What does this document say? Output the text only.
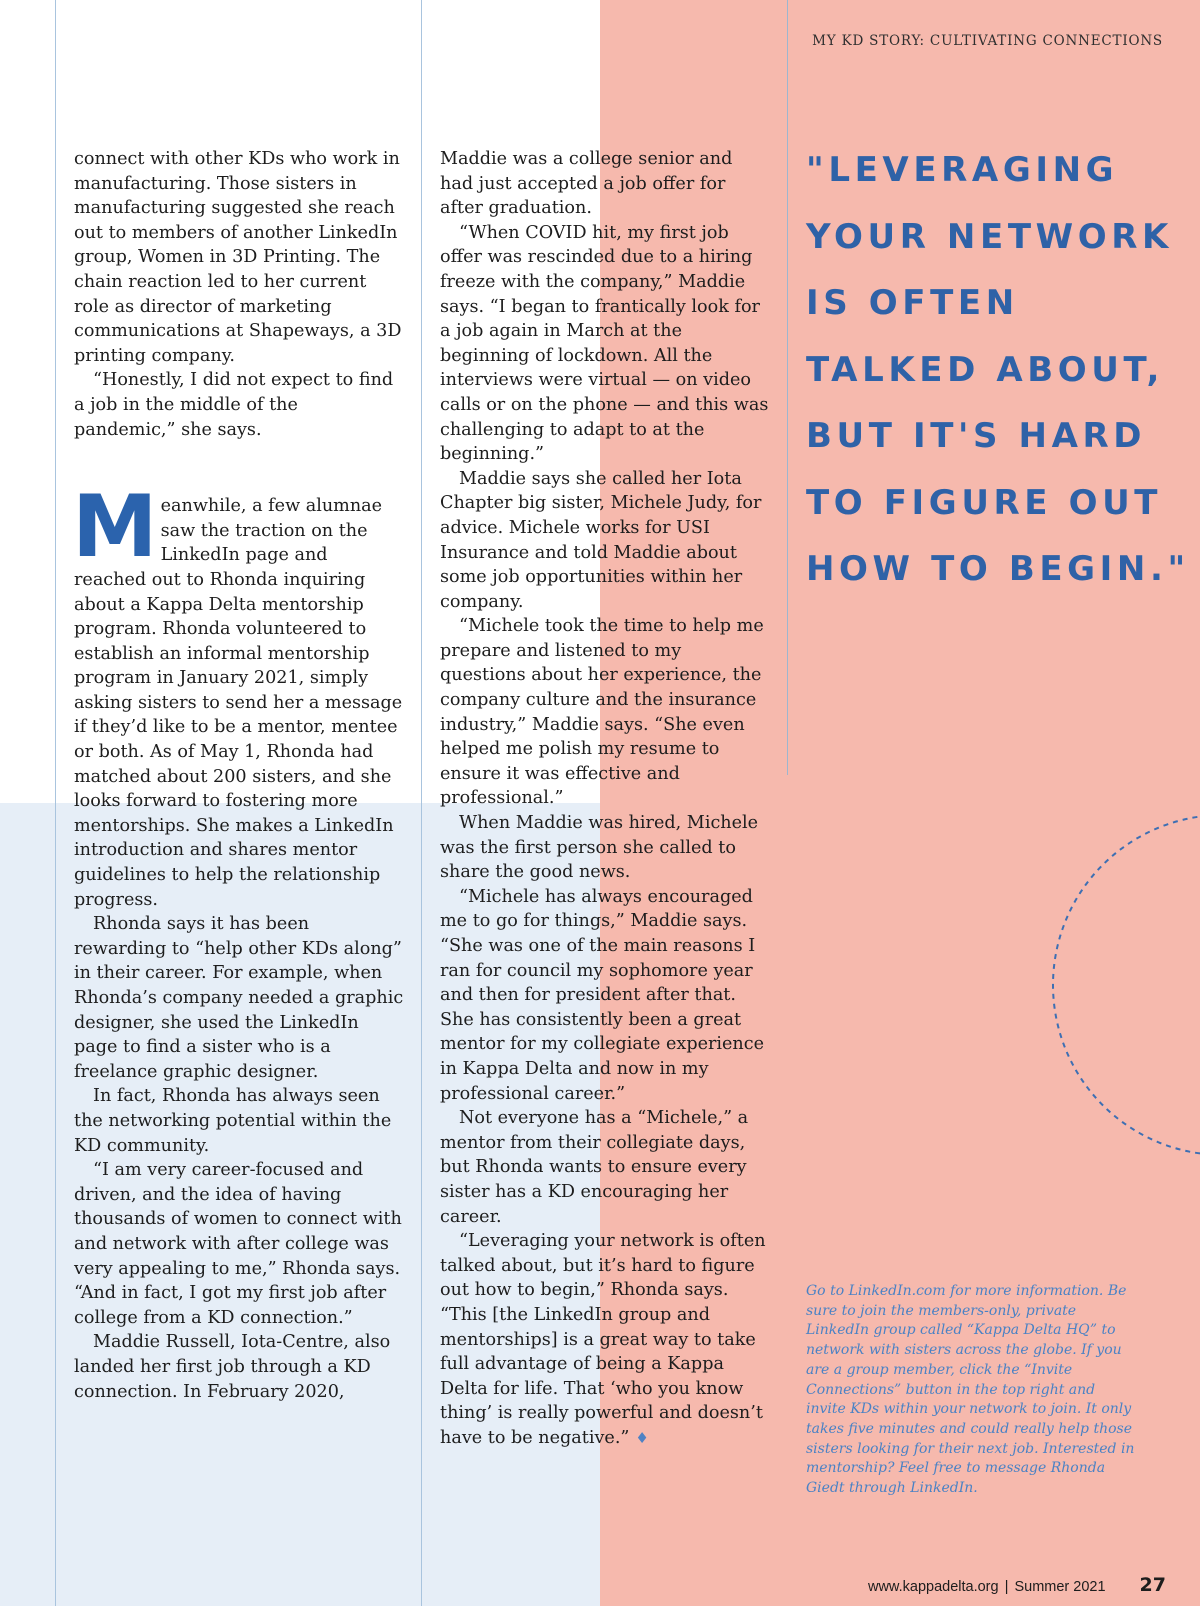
MY KD STORY: CULTIVATING CONNECTIONS

connect with other KDs who work in manufacturing. Those sisters in manufacturing suggested she reach out to members of another LinkedIn group, Women in 3D Printing. The chain reaction led to her current role as director of marketing communications at Shapeways, a 3D printing company.

“Honestly, I did not expect to find a job in the middle of the pandemic,” she says.

Meanwhile, a few alumnae saw the traction on the LinkedIn page and reached out to Rhonda inquiring about a Kappa Delta mentorship program. Rhonda volunteered to establish an informal mentorship program in January 2021, simply asking sisters to send her a message if they’d like to be a mentor, mentee or both. As of May 1, Rhonda had matched about 200 sisters, and she looks forward to fostering more mentorships. She makes a LinkedIn introduction and shares mentor guidelines to help the relationship progress.

Rhonda says it has been rewarding to “help other KDs along” in their career. For example, when Rhonda’s company needed a graphic designer, she used the LinkedIn page to find a sister who is a freelance graphic designer.

In fact, Rhonda has always seen the networking potential within the KD community.

“I am very career-focused and driven, and the idea of having thousands of women to connect with and network with after college was very appealing to me,” Rhonda says. “And in fact, I got my first job after college from a KD connection.”

Maddie Russell, Iota-Centre, also landed her first job through a KD connection. In February 2020,

Maddie was a college senior and had just accepted a job offer for after graduation.

“When COVID hit, my first job offer was rescinded due to a hiring freeze with the company,” Maddie says. “I began to frantically look for a job again in March at the beginning of lockdown. All the interviews were virtual — on video calls or on the phone — and this was challenging to adapt to at the beginning.”

Maddie says she called her Iota Chapter big sister, Michele Judy, for advice. Michele works for USI Insurance and told Maddie about some job opportunities within her company.

“Michele took the time to help me prepare and listened to my questions about her experience, the company culture and the insurance industry,” Maddie says. “She even helped me polish my resume to ensure it was effective and professional.”

When Maddie was hired, Michele was the first person she called to share the good news.

“Michele has always encouraged me to go for things,” Maddie says. “She was one of the main reasons I ran for council my sophomore year and then for president after that. She has consistently been a great mentor for my collegiate experience in Kappa Delta and now in my professional career.”

Not everyone has a “Michele,” a mentor from their collegiate days, but Rhonda wants to ensure every sister has a KD encouraging her career.

“Leveraging your network is often talked about, but it’s hard to figure out how to begin,” Rhonda says. “This [the LinkedIn group and mentorships] is a great way to take full advantage of being a Kappa Delta for life. That ‘who you know thing’ is really powerful and doesn’t have to be negative.” ♦

"LEVERAGING YOUR NETWORK IS OFTEN TALKED ABOUT, BUT IT'S HARD TO FIGURE OUT HOW TO BEGIN."
Go to LinkedIn.com for more information. Be sure to join the members-only, private LinkedIn group called “Kappa Delta HQ” to network with sisters across the globe. If you are a group member, click the “Invite Connections” button in the top right and invite KDs within your network to join. It only takes five minutes and could really help those sisters looking for their next job. Interested in mentorship? Feel free to message Rhonda Giedt through LinkedIn.
www.kappadelta.org | Summer 2021 27
